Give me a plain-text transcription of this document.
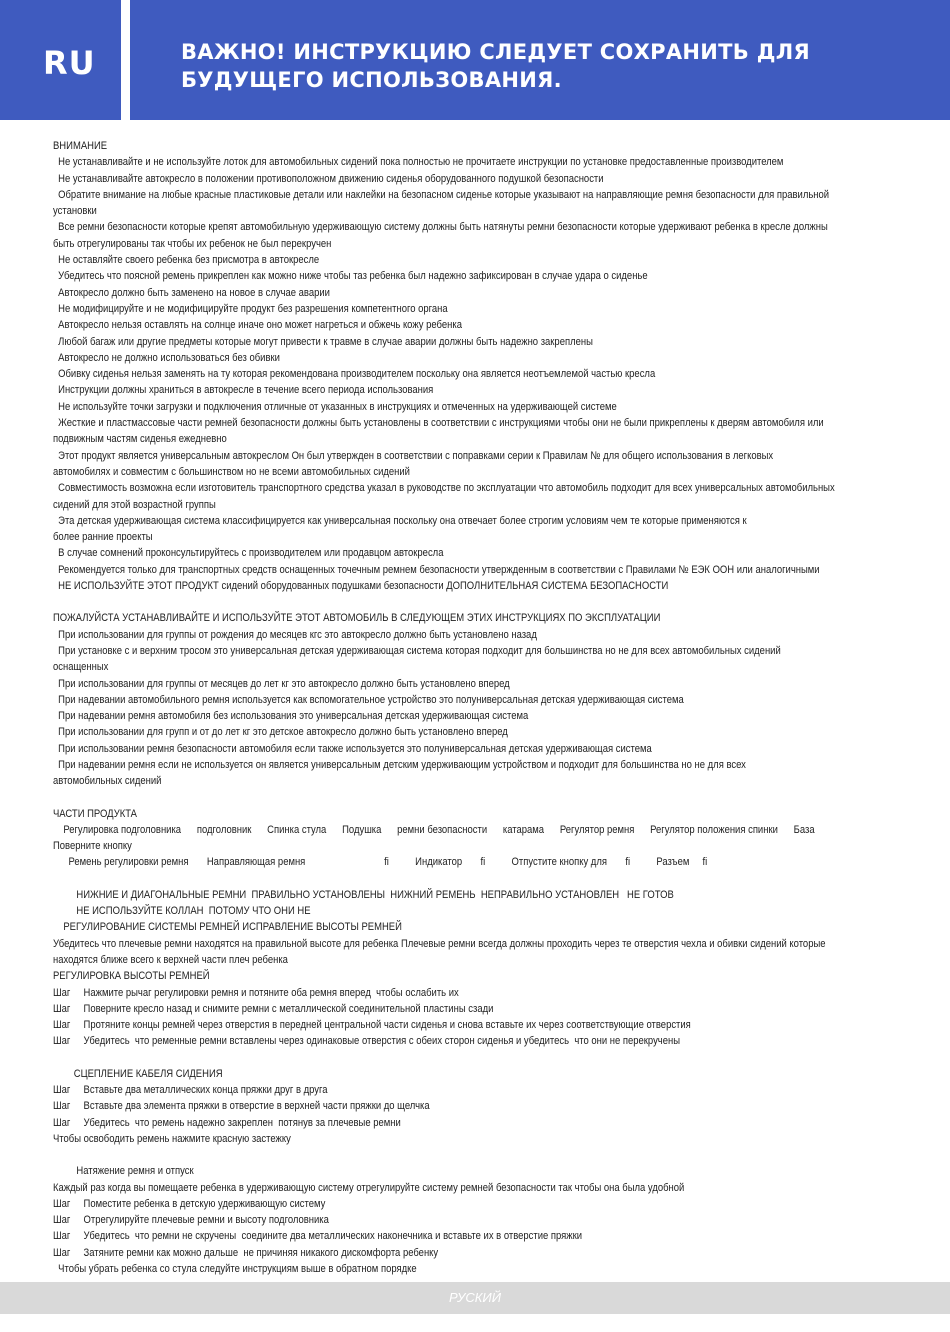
RU	ВАЖНО! ИНСТРУКЦИЮ СЛЕДУЕТ СОХРАНИТЬ ДЛЯ БУДУЩЕГО ИСПОЛЬЗОВАНИЯ.

ВНИМАНИЕ

Не устанавливайте и не используйте лоток для автомобильных сидений пока полностью не прочитаете инструкции по установке предоставленные производителем

Не устанавливайте автокресло в положении противоположном движению сиденья оборудованного подушкой безопасности

Обратите внимание на любые красные пластиковые детали или наклейки на безопасном сиденье которые указывают на направляющие ремня безопасности для правильной

установки

Все ремни безопасности которые крепят автомобильную удерживающую систему должны быть натянуты ремни безопасности которые удерживают ребенка в кресле должны

быть отрегулированы так чтобы их ребенок не был перекручен

Не оставляйте своего ребенка без присмотра в автокресле

Убедитесь что поясной ремень прикреплен как можно ниже чтобы таз ребенка был надежно зафиксирован в случае удара о сиденье

Автокресло должно быть заменено на новое в случае аварии

Не модифицируйте и не модифицируйте продукт без разрешения компетентного органа

Автокресло нельзя оставлять на солнце иначе оно может нагреться и обжечь кожу ребенка

Любой багаж или другие предметы которые могут привести к травме в случае аварии должны быть надежно закреплены

Автокресло не должно использоваться без обивки

Обивку сиденья нельзя заменять на ту которая рекомендована производителем поскольку она является неотъемлемой частью кресла

Инструкции должны храниться в автокресле в течение всего периода использования

Не используйте точки загрузки и подключения отличные от указанных в инструкциях и отмеченных на удерживающей системе

Жесткие и пластмассовые части ремней безопасности должны быть установлены в соответствии с инструкциями чтобы они не были прикреплены к дверям автомобиля или

подвижным частям сиденья ежедневно

Этот продукт является универсальным автокреслом Он был утвержден в соответствии с поправками серии к Правилам № для общего использования в легковых

автомобилях и совместим с большинством но не всеми автомобильных сидений

Совместимость возможна если изготовитель транспортного средства указал в руководстве по эксплуатации что автомобиль подходит для всех универсальных автомобильных

сидений для этой возрастной группы

Эта детская удерживающая система классифицируется как универсальная поскольку она отвечает более строгим условиям чем те которые применяются к

более ранние проекты

В случае сомнений проконсультируйтесь с производителем или продавцом автокресла

Рекомендуется только для транспортных средств оснащенных точечным ремнем безопасности утвержденным в соответствии с Правилами № ЕЭК ООН или аналогичными

НЕ ИСПОЛЬЗУЙТЕ ЭТОТ ПРОДУКТ сидений оборудованных подушками безопасности ДОПОЛНИТЕЛЬНАЯ СИСТЕМА БЕЗОПАСНОСТИ

ПОЖАЛУЙСТА УСТАНАВЛИВАЙТЕ И ИСПОЛЬЗУЙТЕ ЭТОТ АВТОМОБИЛЬ В СЛЕДУЮЩЕМ ЭТИХ ИНСТРУКЦИЯХ ПО ЭКСПЛУАТАЦИИ

При использовании для группы от рождения до месяцев кгс это автокресло должно быть установлено назад

При установке с и верхним тросом это универсальная детская удерживающая система которая подходит для большинства но не для всех автомобильных сидений

оснащенных

При использовании для группы от месяцев до лет кг это автокресло должно быть установлено вперед

При надевании автомобильного ремня используется как вспомогательное устройство это полуниверсальная детская удерживающая система

При надевании ремня автомобиля без использования это универсальная детская удерживающая система

При использовании для групп и от до лет кг это детское автокресло должно быть установлено вперед

При использовании ремня безопасности автомобиля если также используется это полуниверсальная детская удерживающая система

При надевании ремня если не используется он является универсальным детским удерживающим устройством и подходит для большинства но не для всех

автомобильных сидений

ЧАСТИ ПРОДУКТА

Регулировка подголовника      подголовник      Спинка стула      Подушка      ремни безопасности      катарама      Регулятор ремня      Регулятор положения спинки      База

Поверните кнопку

Ремень регулировки ремня       Направляющая ремня                              ﬁ          Индикатор       ﬁ          Отпустите кнопку для       ﬁ          Разъем     ﬁ

НИЖНИЕ И ДИАГОНАЛЬНЫЕ РЕМНИ  ПРАВИЛЬНО УСТАНОВЛЕНЫ  НИЖНИЙ РЕМЕНЬ  НЕПРАВИЛЬНО УСТАНОВЛЕН   НЕ ГОТОВ

НЕ ИСПОЛЬЗУЙТЕ КОЛЛАН  ПОТОМУ ЧТО ОНИ НЕ

РЕГУЛИРОВАНИЕ СИСТЕМЫ РЕМНЕЙ ИСПРАВЛЕНИЕ ВЫСОТЫ РЕМНЕЙ

Убедитесь что плечевые ремни находятся на правильной высоте для ребенка Плечевые ремни всегда должны проходить через те отверстия чехла и обивки сидений которые

находятся ближе всего к верхней части плеч ребенка

РЕГУЛИРОВКА ВЫСОТЫ РЕМНЕЙ

Шаг     Нажмите рычаг регулировки ремня и потяните оба ремня вперед  чтобы ослабить их

Шаг     Поверните кресло назад и снимите ремни с металлической соединительной пластины сзади

Шаг     Протяните концы ремней через отверстия в передней центральной части сиденья и снова вставьте их через соответствующие отверстия

Шаг     Убедитесь  что ременные ремни вставлены через одинаковые отверстия с обеих сторон сиденья и убедитесь  что они не перекручены

СЦЕПЛЕНИЕ КАБЕЛЯ СИДЕНИЯ

Шаг     Вставьте два металлических конца пряжки друг в друга

Шаг     Вставьте два элемента пряжки в отверстие в верхней части пряжки до щелчка

Шаг     Убедитесь  что ремень надежно закреплен  потянув за плечевые ремни

Чтобы освободить ремень нажмите красную застежку

Натяжение ремня и отпуск

Каждый раз когда вы помещаете ребенка в удерживающую систему отрегулируйте систему ремней безопасности так чтобы она была удобной

Шаг     Поместите ребенка в детскую удерживающую систему

Шаг     Отрегулируйте плечевые ремни и высоту подголовника

Шаг     Убедитесь  что ремни не скручены  соедините два металлических наконечника и вставьте их в отверстие пряжки

Шаг     Затяните ремни как можно дальше  не причиняя никакого дискомфорта ребенку

Чтобы убрать ребенка со стула следуйте инструкциям выше в обратном порядке

РУСКИЙ
